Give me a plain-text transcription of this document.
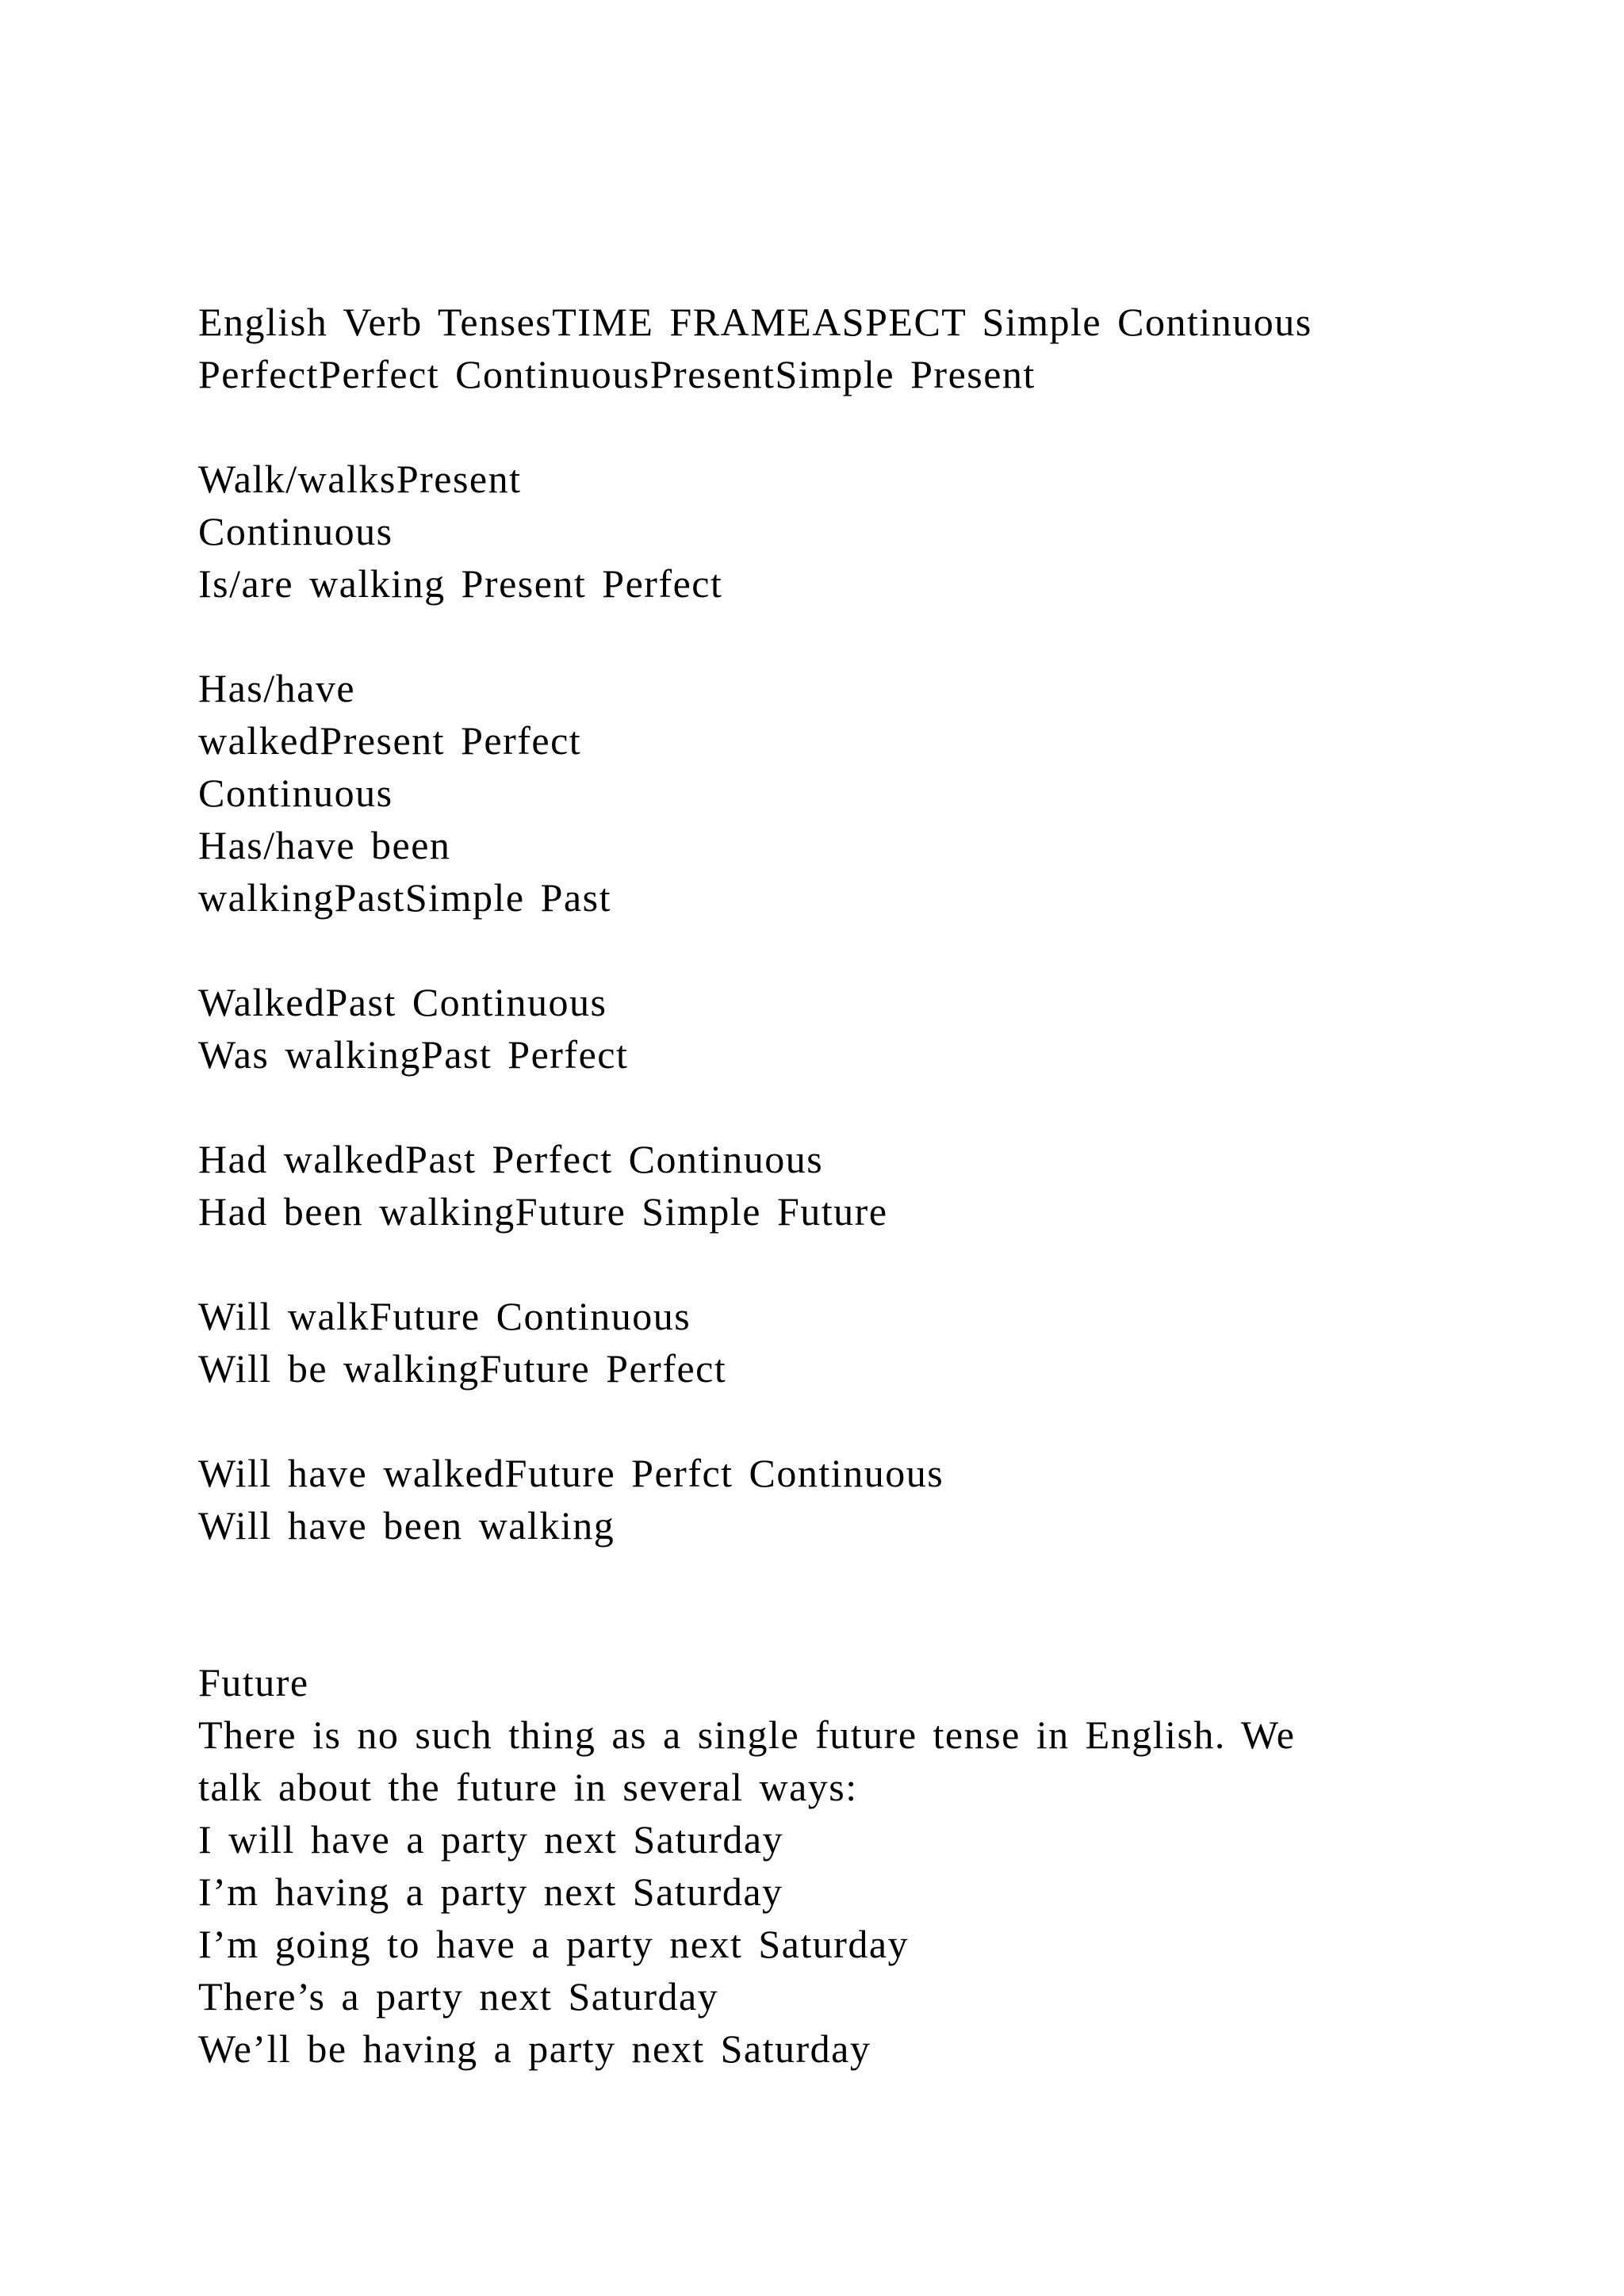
English Verb TensesTIME FRAMEASPECT Simple Continuous
PerfectPerfect ContinuousPresentSimple Present
Walk/walksPresent
Continuous
Is/are walking Present Perfect
Has/have
walkedPresent Perfect
Continuous
Has/have been
walkingPastSimple Past
WalkedPast Continuous
Was walkingPast Perfect
Had walkedPast Perfect Continuous
Had been walkingFuture Simple Future
Will walkFuture Continuous
Will be walkingFuture Perfect
Will have walkedFuture Perfct Continuous
Will have been walking
Future
There is no such thing as a single future tense in English. We
talk about the future in several ways:
I will have a party next Saturday
I’m having a party next Saturday
I’m going to have a party next Saturday
There’s a party next Saturday
We’ll be having a party next Saturday
